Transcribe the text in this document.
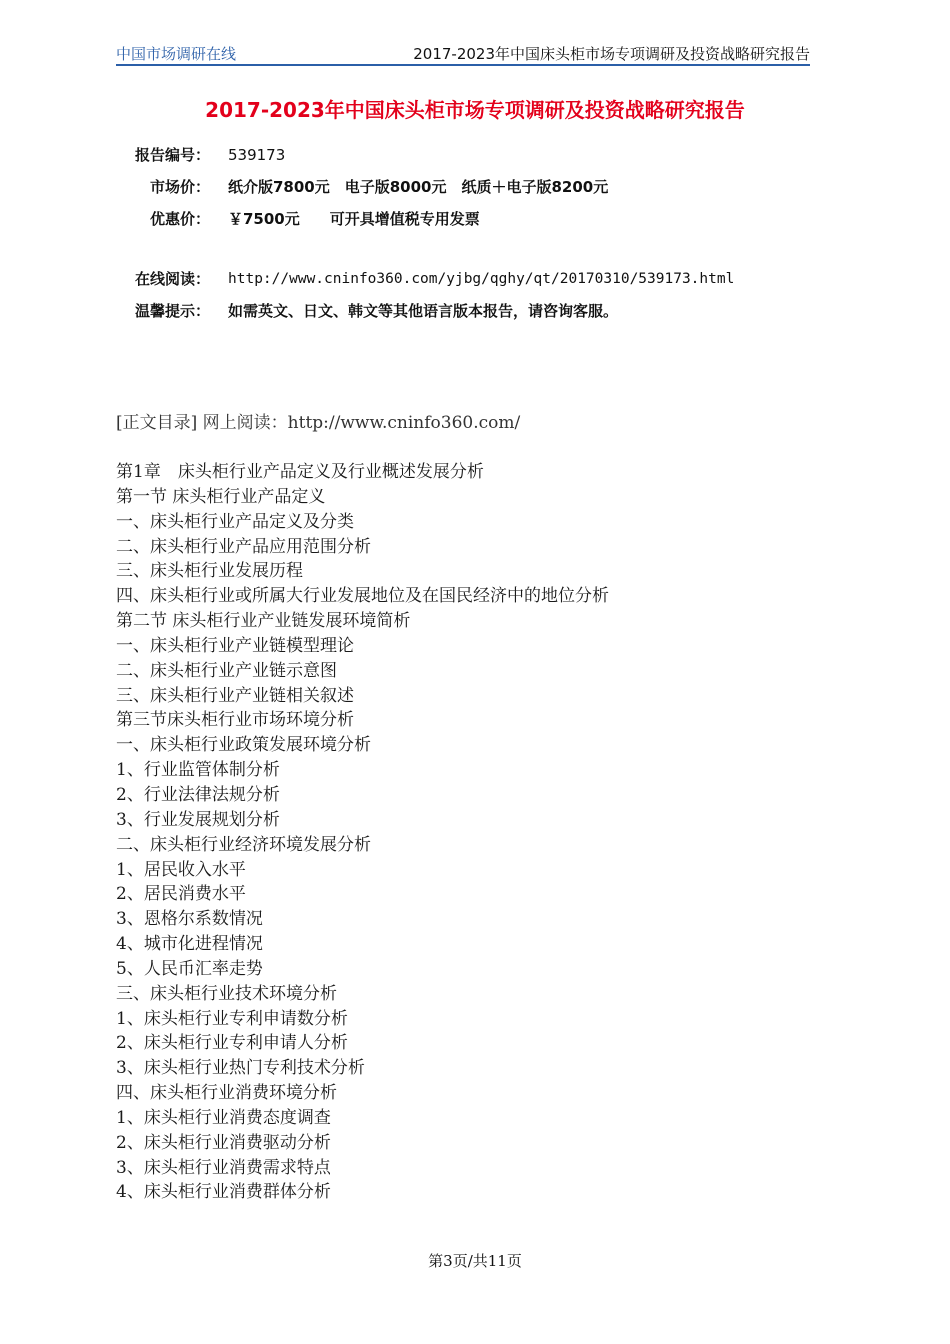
中国市场调研在线	2017-2023年中国床头柜市场专项调研及投资战略研究报告
2017-2023年中国床头柜市场专项调研及投资战略研究报告
报告编号： 539173
市场价： 纸介版7800元　电子版8000元　纸质＋电子版8200元
优惠价： ￥7500元　　可开具增值税专用发票
在线阅读： http://www.cninfo360.com/yjbg/qghy/qt/20170310/539173.html
温馨提示： 如需英文、日文、韩文等其他语言版本报告，请咨询客服。
[正文目录] 网上阅读：http://www.cninfo360.com/
第1章　床头柜行业产品定义及行业概述发展分析
第一节 床头柜行业产品定义
一、床头柜行业产品定义及分类
二、床头柜行业产品应用范围分析
三、床头柜行业发展历程
四、床头柜行业或所属大行业发展地位及在国民经济中的地位分析
第二节 床头柜行业产业链发展环境简析
一、床头柜行业产业链模型理论
二、床头柜行业产业链示意图
三、床头柜行业产业链相关叙述
第三节床头柜行业市场环境分析
一、床头柜行业政策发展环境分析
1、行业监管体制分析
2、行业法律法规分析
3、行业发展规划分析
二、床头柜行业经济环境发展分析
1、居民收入水平
2、居民消费水平
3、恩格尔系数情况
4、城市化进程情况
5、人民币汇率走势
三、床头柜行业技术环境分析
1、床头柜行业专利申请数分析
2、床头柜行业专利申请人分析
3、床头柜行业热门专利技术分析
四、床头柜行业消费环境分析
1、床头柜行业消费态度调查
2、床头柜行业消费驱动分析
3、床头柜行业消费需求特点
4、床头柜行业消费群体分析
第3页/共11页
